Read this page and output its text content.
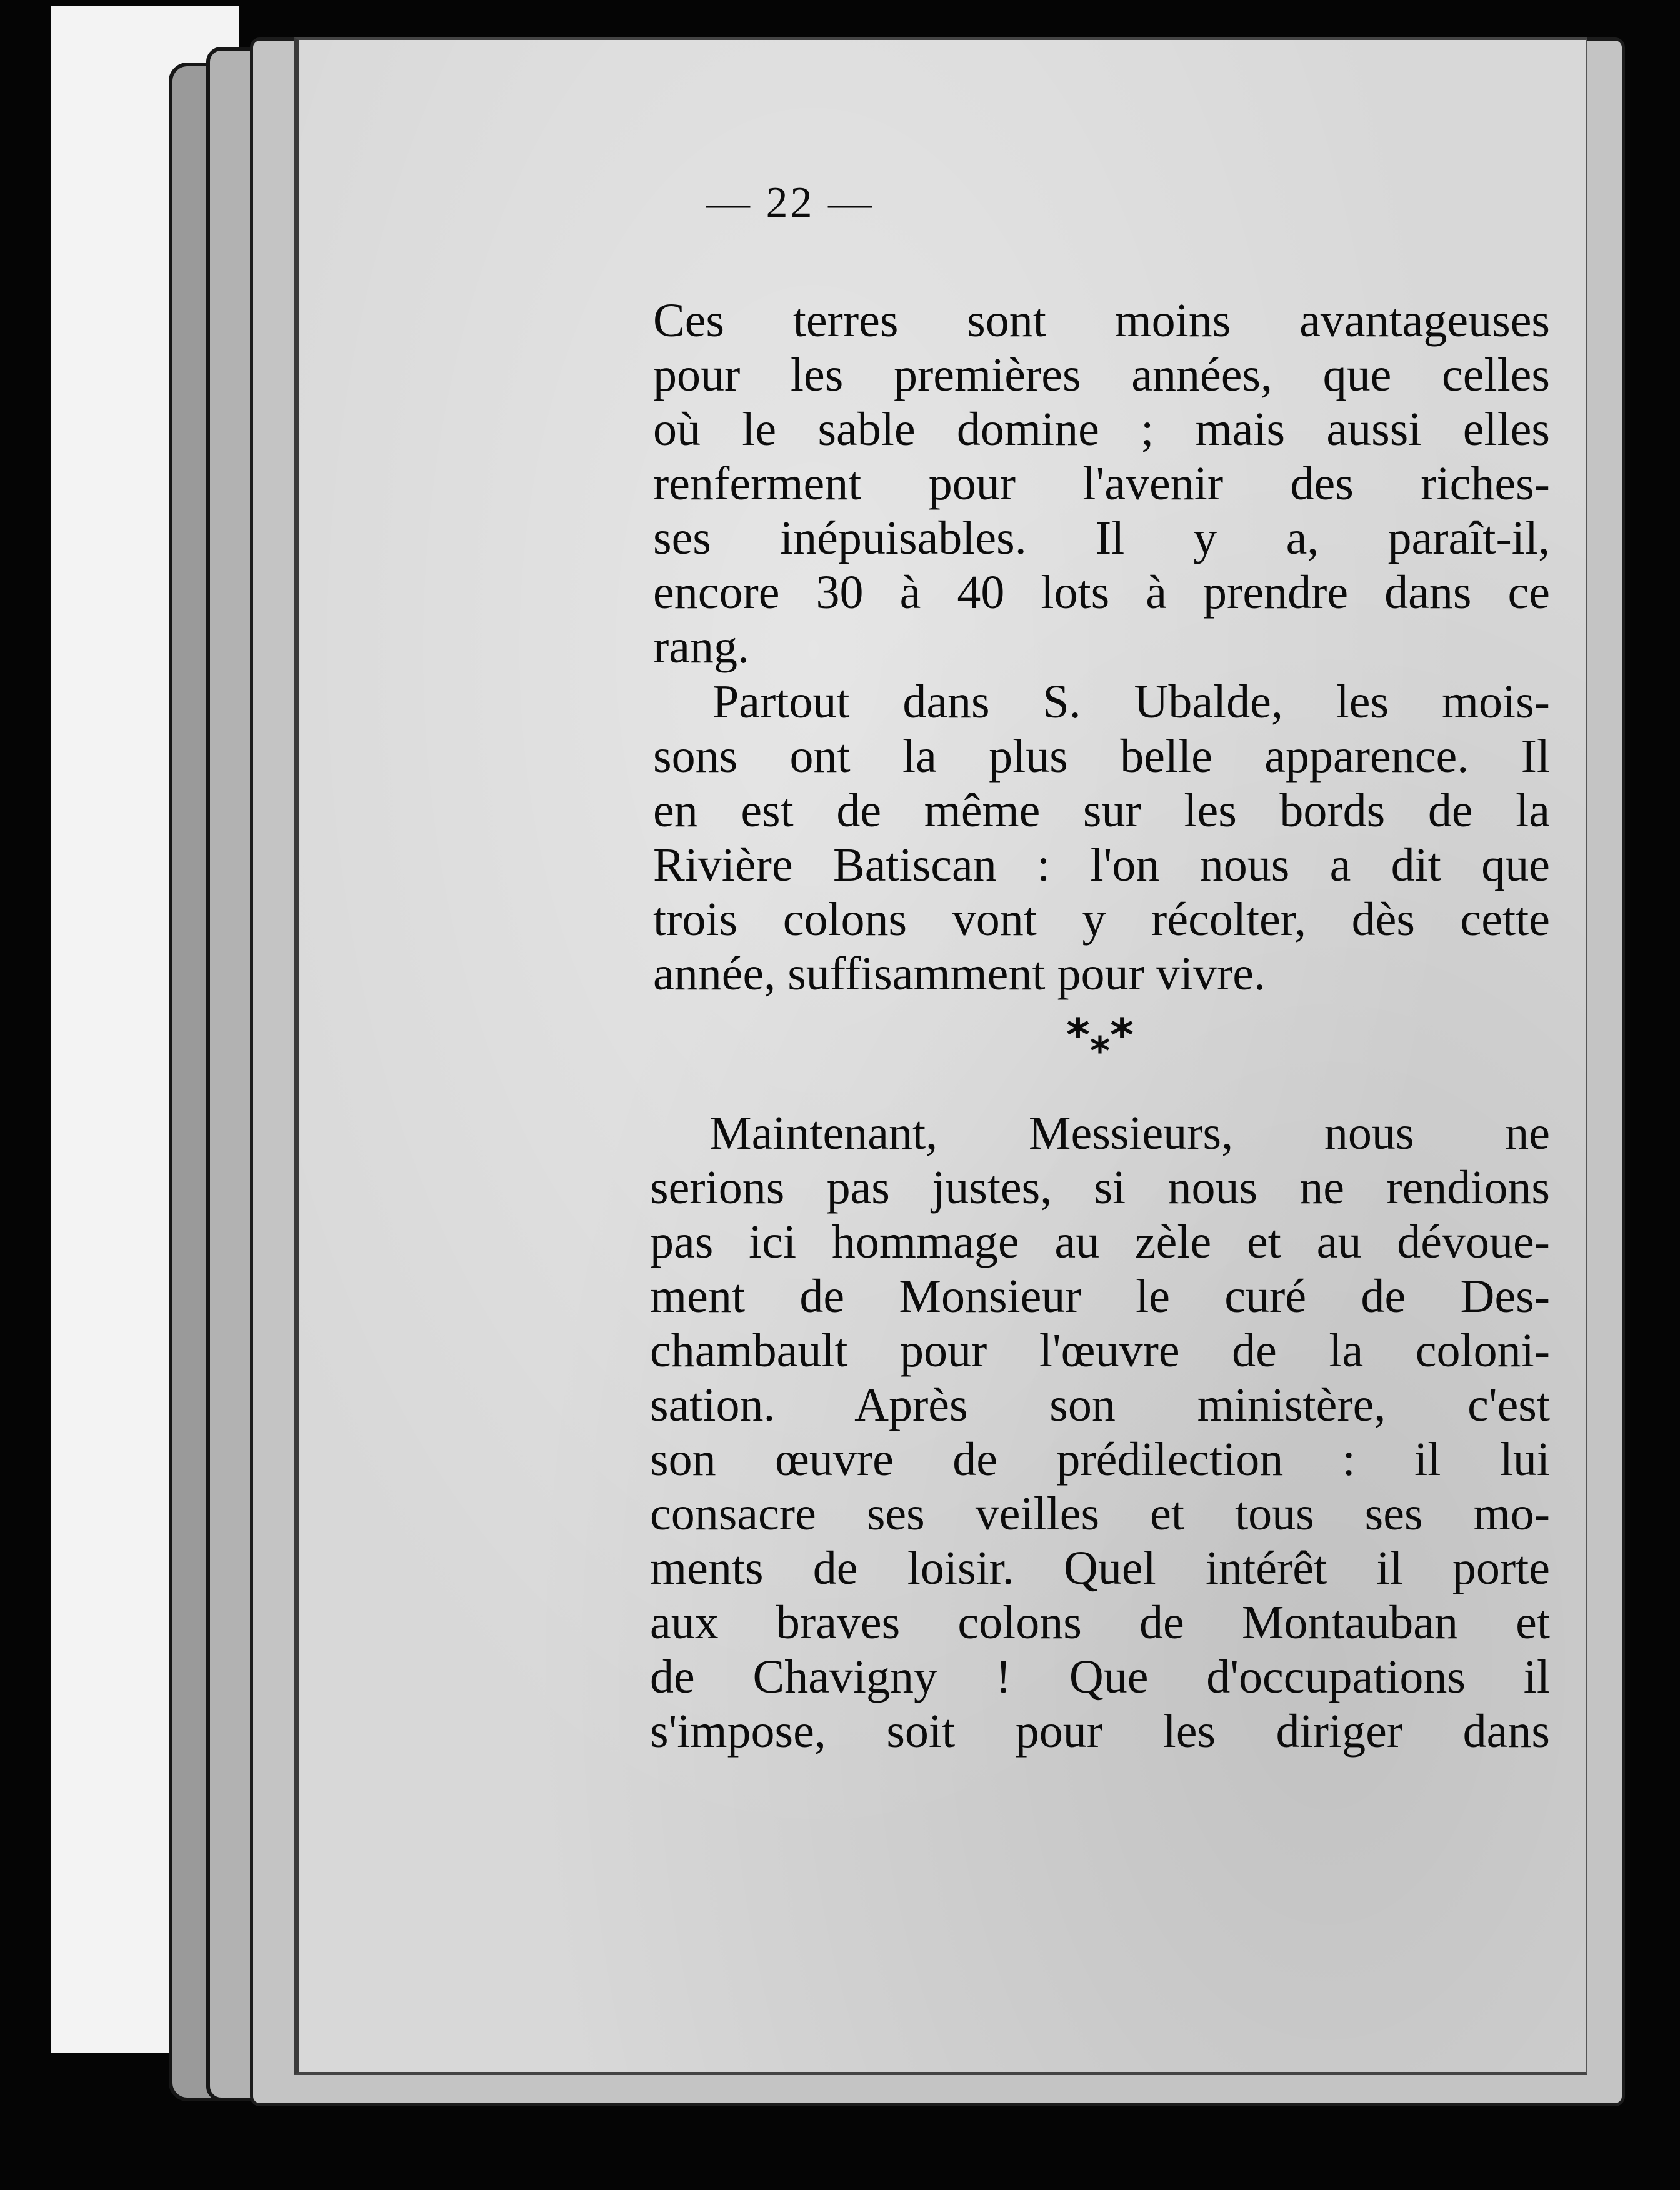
— 22 —

Ces terres sont moins avantageuses
pour les premières années, que celles
où le sable domine ; mais aussi elles
renferment pour l'avenir des riches-
ses inépuisables. Il y a, paraît-il,
encore 30 à 40 lots à prendre dans ce
rang.

Partout dans S. Ubalde, les mois-
sons ont la plus belle apparence. Il
en est de même sur les bords de la
Rivière Batiscan : l'on nous a dit que
trois colons vont y récolter, dès cette
année, suffisamment pour vivre.

***

Maintenant, Messieurs, nous ne
serions pas justes, si nous ne rendions
pas ici hommage au zèle et au dévoue-
ment de Monsieur le curé de Des-
chambault pour l'œuvre de la coloni-
sation. Après son ministère, c'est
son œuvre de prédilection : il lui
consacre ses veilles et tous ses mo-
ments de loisir. Quel intérêt il porte
aux braves colons de Montauban et
de Chavigny ! Que d'occupations il
s'impose, soit pour les diriger dans
